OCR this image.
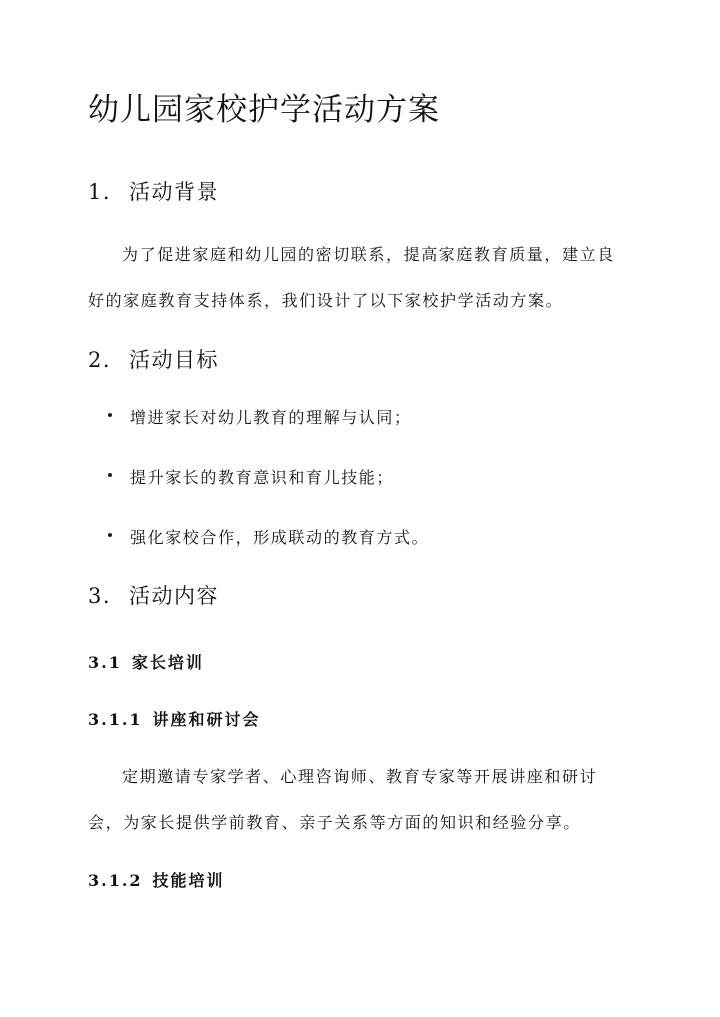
幼儿园家校护学活动方案
1. 活动背景

为了促进家庭和幼儿园的密切联系，提高家庭教育质量，建立良好的家庭教育支持体系，我们设计了以下家校护学活动方案。

2. 活动目标
增进家长对幼儿教育的理解与认同；
提升家长的教育意识和育儿技能；
强化家校合作，形成联动的教育方式。
3. 活动内容
3.1 家长培训
3.1.1 讲座和研讨会

定期邀请专家学者、心理咨询师、教育专家等开展讲座和研讨会，为家长提供学前教育、亲子关系等方面的知识和经验分享。

3.1.2 技能培训
